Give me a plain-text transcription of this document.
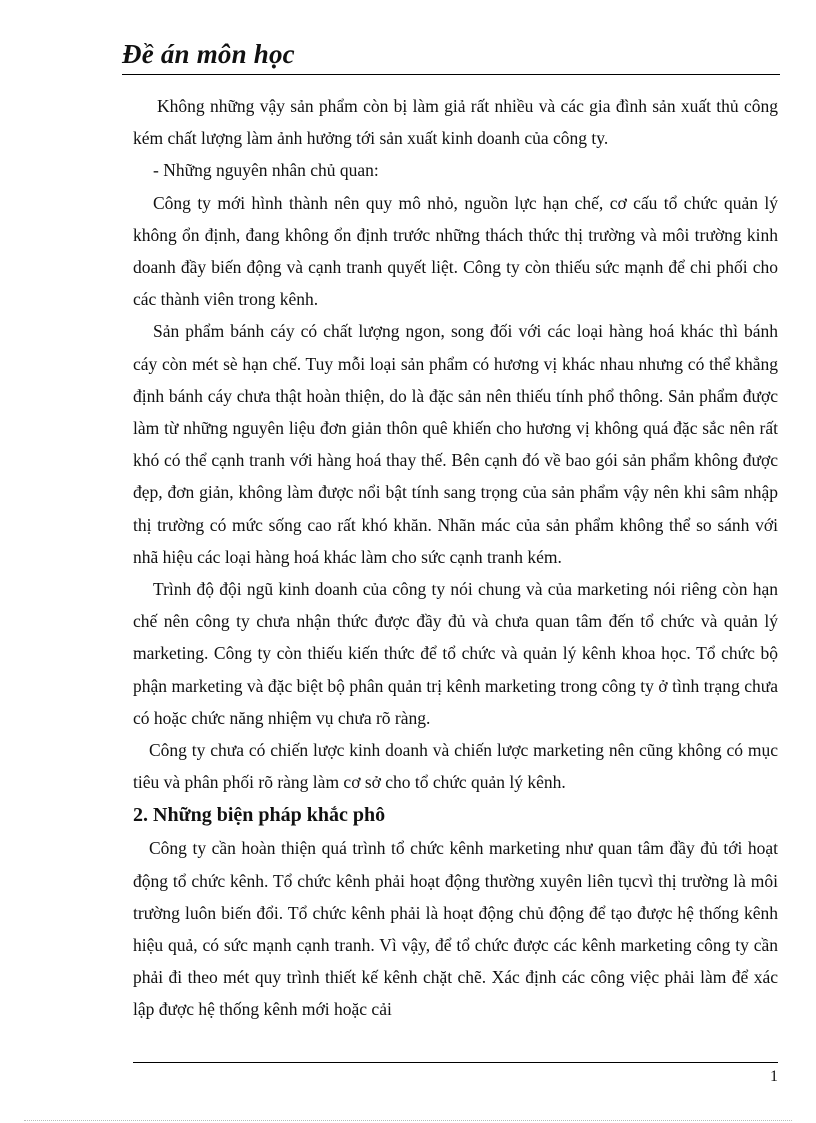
Đề án môn học

Không những vậy sản phẩm còn bị làm giả rất nhiều và các gia đình sản xuất thủ công kém chất lượng làm ảnh hưởng tới sản xuất kinh doanh của công ty.

- Những nguyên nhân chủ quan:

Công ty mới hình thành nên quy mô nhỏ, nguồn lực hạn chế, cơ cấu tổ chức quản lý không ổn định, đang không ổn định trước những thách thức thị trường và môi trường kinh doanh đầy biến động và cạnh tranh quyết liệt. Công ty còn thiếu sức mạnh để chi phối cho các thành viên trong kênh.

Sản phẩm bánh cáy có chất lượng ngon, song đối với các loại hàng hoá khác thì bánh cáy còn mét sè hạn chế. Tuy mỗi loại sản phẩm có hương vị khác nhau nhưng có thể khẳng định bánh cáy chưa thật hoàn thiện, do là đặc sản nên thiếu tính phổ thông. Sản phẩm được làm từ những nguyên liệu đơn giản thôn quê khiến cho hương vị không quá đặc sắc nên rất khó có thể cạnh tranh với hàng hoá thay thế. Bên cạnh đó về bao gói sản phẩm không được đẹp, đơn giản, không làm được nổi bật tính sang trọng của sản phẩm vậy nên khi sâm nhập thị trường có mức sống cao rất khó khăn. Nhãn mác của sản phẩm không thể so sánh với nhã hiệu các loại hàng hoá khác làm cho sức cạnh tranh kém.

Trình độ đội ngũ kinh doanh của công ty nói chung và của marketing nói riêng còn hạn chế nên công ty chưa nhận thức được đầy đủ và chưa quan tâm đến tổ chức và quản lý marketing. Công ty còn thiếu kiến thức để tổ chức và quản lý kênh khoa học. Tổ chức bộ phận marketing và đặc biệt bộ phân quản trị kênh marketing trong công ty ở tình trạng chưa có hoặc chức năng nhiệm vụ chưa rõ ràng.

Công ty chưa có chiến lược kinh doanh và chiến lược marketing nên cũng không có mục tiêu và phân phối rõ ràng làm cơ sở cho tổ chức quản lý kênh.

2. Những biện pháp khắc phô

Công ty cần hoàn thiện quá trình tổ chức kênh marketing như quan tâm đầy đủ tới hoạt động tổ chức kênh. Tổ chức kênh phải hoạt động thường xuyên liên tụcvì thị trường là môi trường luôn biến đổi. Tổ chức kênh phải là hoạt động chủ động để tạo được hệ thống kênh hiệu quả, có sức mạnh cạnh tranh. Vì vậy, để tổ chức được các kênh marketing công ty cần phải đi theo mét quy trình thiết kế kênh chặt chẽ. Xác định các công việc phải làm để xác lập được hệ thống kênh mới hoặc cải

1
